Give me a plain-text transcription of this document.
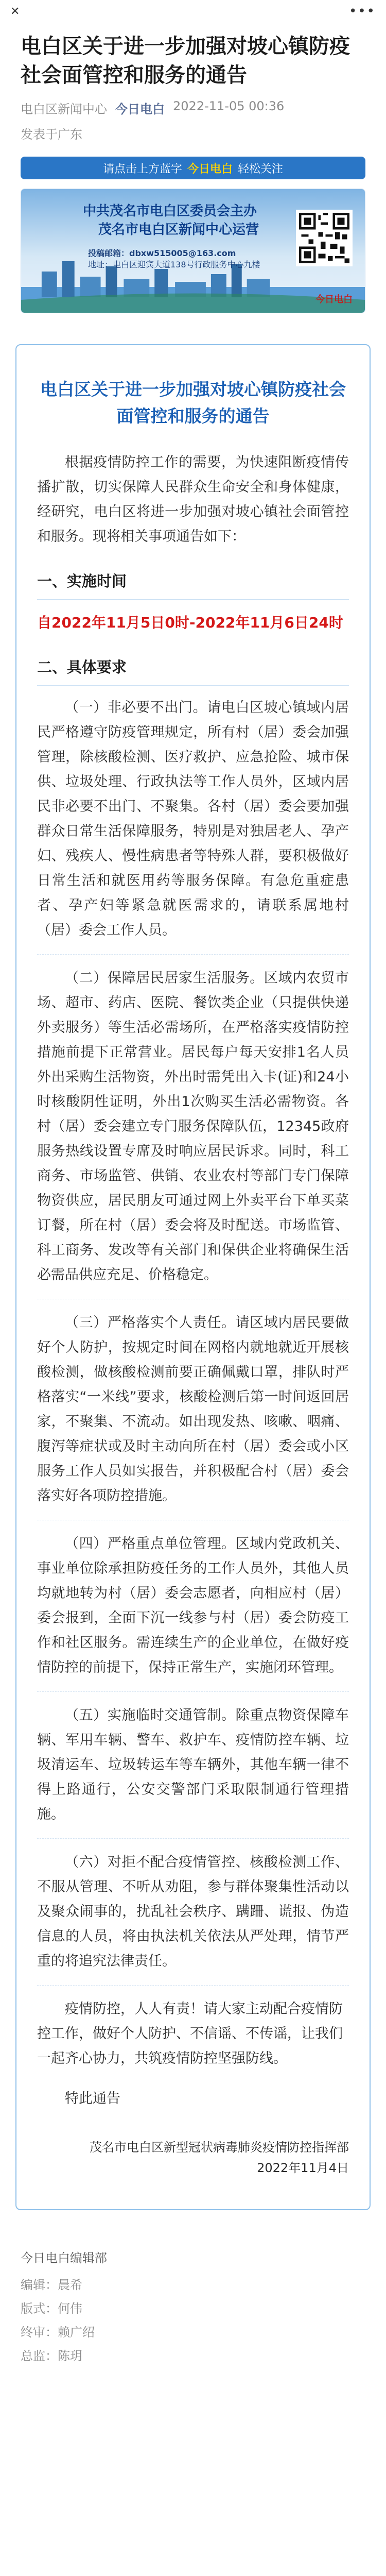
✕	•••
电白区关于进一步加强对坡心镇防疫社会面管控和服务的通告
电白区新闻中心 今日电白 2022-11-05 00:36
发表于广东
请点击上方蓝字 今日电白 轻松关注
中共茂名市电白区委员会主办
茂名市电白区新闻中心运营
投稿邮箱：dbxw515005@163.com
地址：电白区迎宾大道138号行政服务中心九楼
今日电白
电白区关于进一步加强对坡心镇防疫社会面管控和服务的通告

根据疫情防控工作的需要，为快速阻断疫情传播扩散，切实保障人民群众生命安全和身体健康，经研究，电白区将进一步加强对坡心镇社会面管控和服务。现将相关事项通告如下：

一、实施时间
自2022年11月5日0时-2022年11月6日24时
二、具体要求

（一）非必要不出门。请电白区坡心镇域内居民严格遵守防疫管理规定，所有村（居）委会加强管理，除核酸检测、医疗救护、应急抢险、城市保供、垃圾处理、行政执法等工作人员外，区域内居民非必要不出门、不聚集。各村（居）委会要加强群众日常生活保障服务，特别是对独居老人、孕产妇、残疾人、慢性病患者等特殊人群，要积极做好日常生活和就医用药等服务保障。有急危重症患者、孕产妇等紧急就医需求的，请联系属地村（居）委会工作人员。

（二）保障居民居家生活服务。区域内农贸市场、超市、药店、医院、餐饮类企业（只提供快递外卖服务）等生活必需场所，在严格落实疫情防控措施前提下正常营业。居民每户每天安排1名人员外出采购生活物资，外出时需凭出入卡(证)和24小时核酸阴性证明，外出1次购买生活必需物资。各村（居）委会建立专门服务保障队伍，12345政府服务热线设置专席及时响应居民诉求。同时，科工商务、市场监管、供销、农业农村等部门专门保障物资供应，居民朋友可通过网上外卖平台下单买菜订餐，所在村（居）委会将及时配送。市场监管、科工商务、发改等有关部门和保供企业将确保生活必需品供应充足、价格稳定。

（三）严格落实个人责任。请区域内居民要做好个人防护，按规定时间在网格内就地就近开展核酸检测，做核酸检测前要正确佩戴口罩，排队时严格落实“一米线”要求，核酸检测后第一时间返回居家，不聚集、不流动。如出现发热、咳嗽、咽痛、腹泻等症状或及时主动向所在村（居）委会或小区服务工作人员如实报告，并积极配合村（居）委会落实好各项防控措施。

（四）严格重点单位管理。区域内党政机关、事业单位除承担防疫任务的工作人员外，其他人员均就地转为村（居）委会志愿者，向相应村（居）委会报到，全面下沉一线参与村（居）委会防疫工作和社区服务。需连续生产的企业单位，在做好疫情防控的前提下，保持正常生产，实施闭环管理。

（五）实施临时交通管制。除重点物资保障车辆、军用车辆、警车、救护车、疫情防控车辆、垃圾清运车、垃圾转运车等车辆外，其他车辆一律不得上路通行，公安交警部门采取限制通行管理措施。

（六）对拒不配合疫情管控、核酸检测工作、不服从管理、不听从劝阻，参与群体聚集性活动以及聚众闹事的，扰乱社会秩序、蹒跚、谎报、伪造信息的人员，将由执法机关依法从严处理，情节严重的将追究法律责任。

疫情防控，人人有责！请大家主动配合疫情防控工作，做好个人防护、不信谣、不传谣，让我们一起齐心协力，共筑疫情防控坚强防线。

特此通告

茂名市电白区新型冠状病毒肺炎疫情防控指挥部
2022年11月4日
今日电白编辑部
编辑：晨希
版式：何伟
终审：赖广绍
总监：陈玥
